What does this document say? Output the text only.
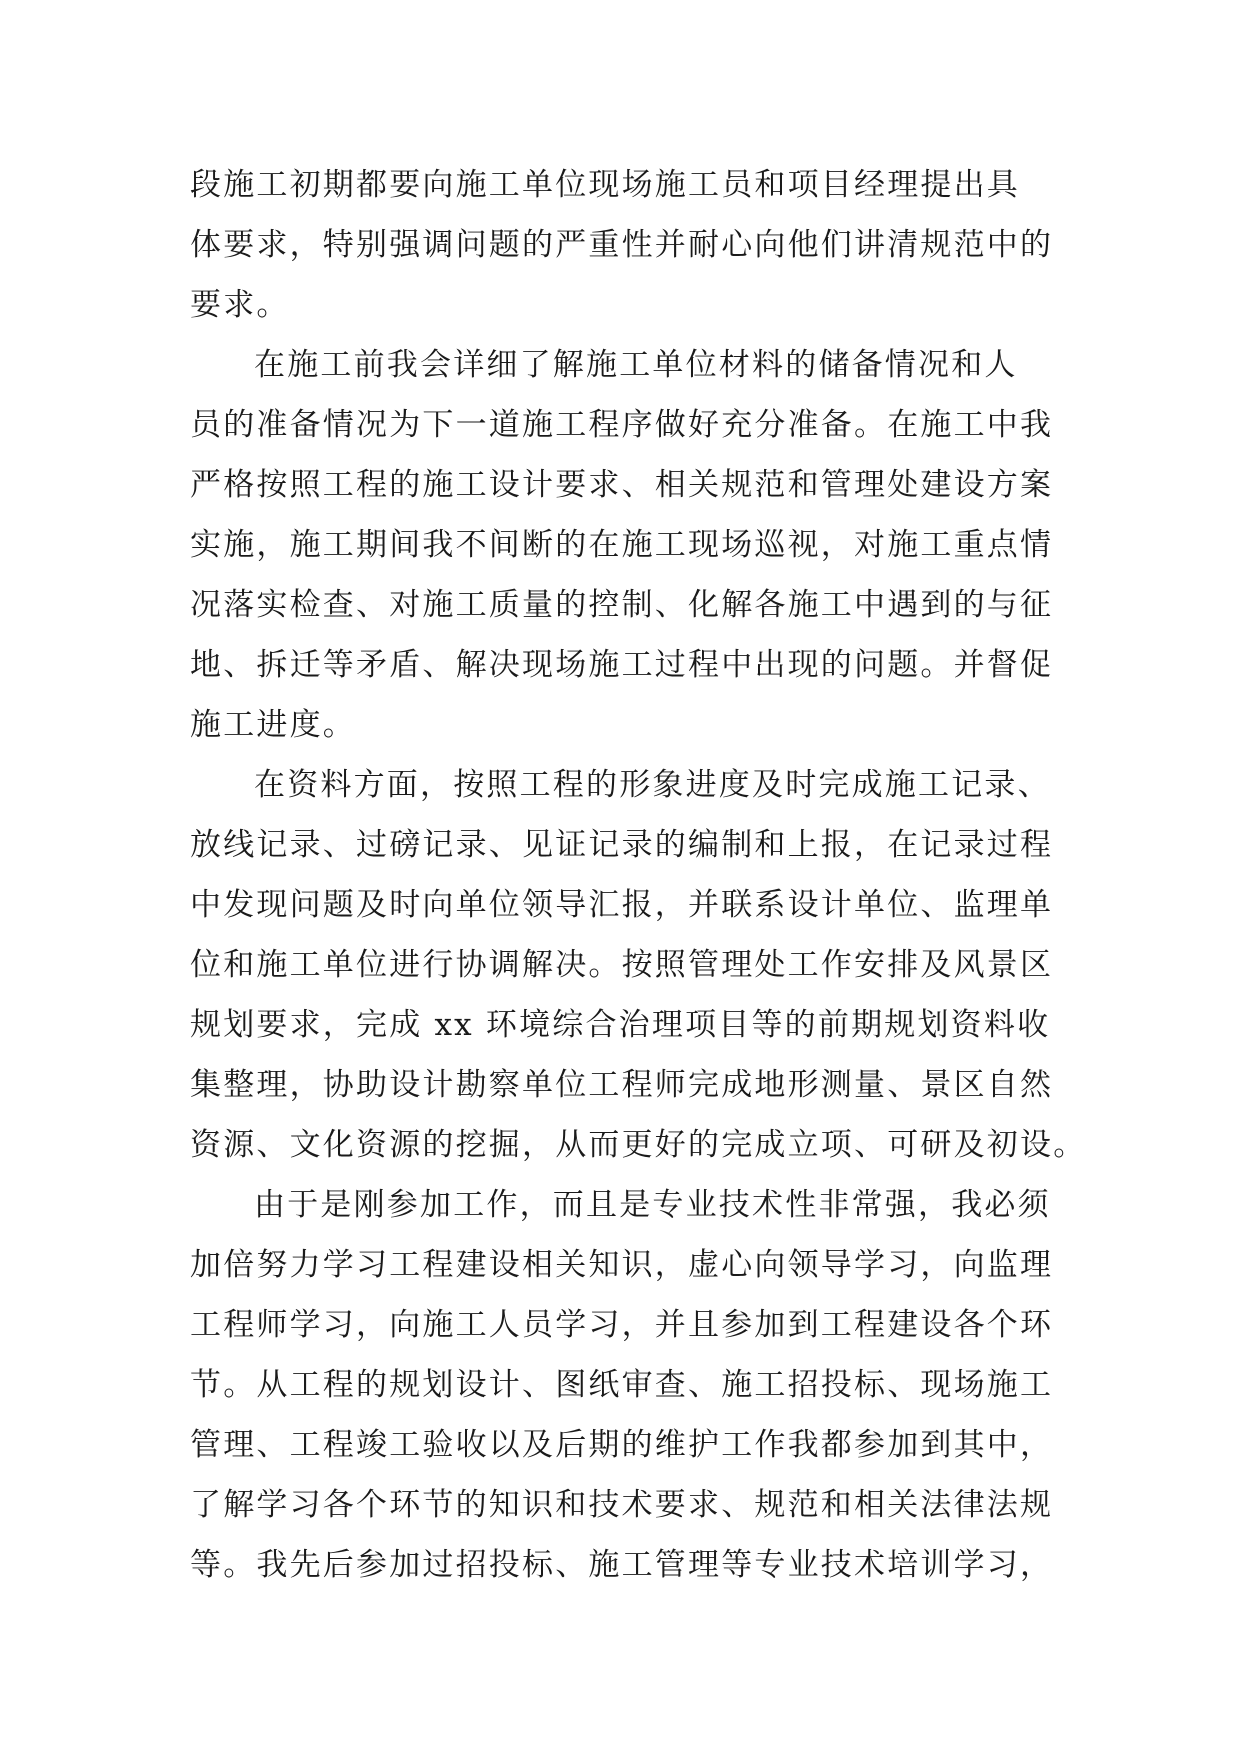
段施工初期都要向施工单位现场施工员和项目经理提出具
体要求，特别强调问题的严重性并耐心向他们讲清规范中的
要求。
在施工前我会详细了解施工单位材料的储备情况和人
员的准备情况为下一道施工程序做好充分准备。在施工中我
严格按照工程的施工设计要求、相关规范和管理处建设方案
实施，施工期间我不间断的在施工现场巡视，对施工重点情
况落实检查、对施工质量的控制、化解各施工中遇到的与征
地、拆迁等矛盾、解决现场施工过程中出现的问题。并督促
施工进度。
在资料方面，按照工程的形象进度及时完成施工记录、
放线记录、过磅记录、见证记录的编制和上报，在记录过程
中发现问题及时向单位领导汇报，并联系设计单位、监理单
位和施工单位进行协调解决。按照管理处工作安排及风景区
规划要求，完成 xx 环境综合治理项目等的前期规划资料收
集整理，协助设计勘察单位工程师完成地形测量、景区自然
资源、文化资源的挖掘，从而更好的完成立项、可研及初设。
由于是刚参加工作，而且是专业技术性非常强，我必须
加倍努力学习工程建设相关知识，虚心向领导学习，向监理
工程师学习，向施工人员学习，并且参加到工程建设各个环
节。从工程的规划设计、图纸审查、施工招投标、现场施工
管理、工程竣工验收以及后期的维护工作我都参加到其中，
了解学习各个环节的知识和技术要求、规范和相关法律法规
等。我先后参加过招投标、施工管理等专业技术培训学习，
